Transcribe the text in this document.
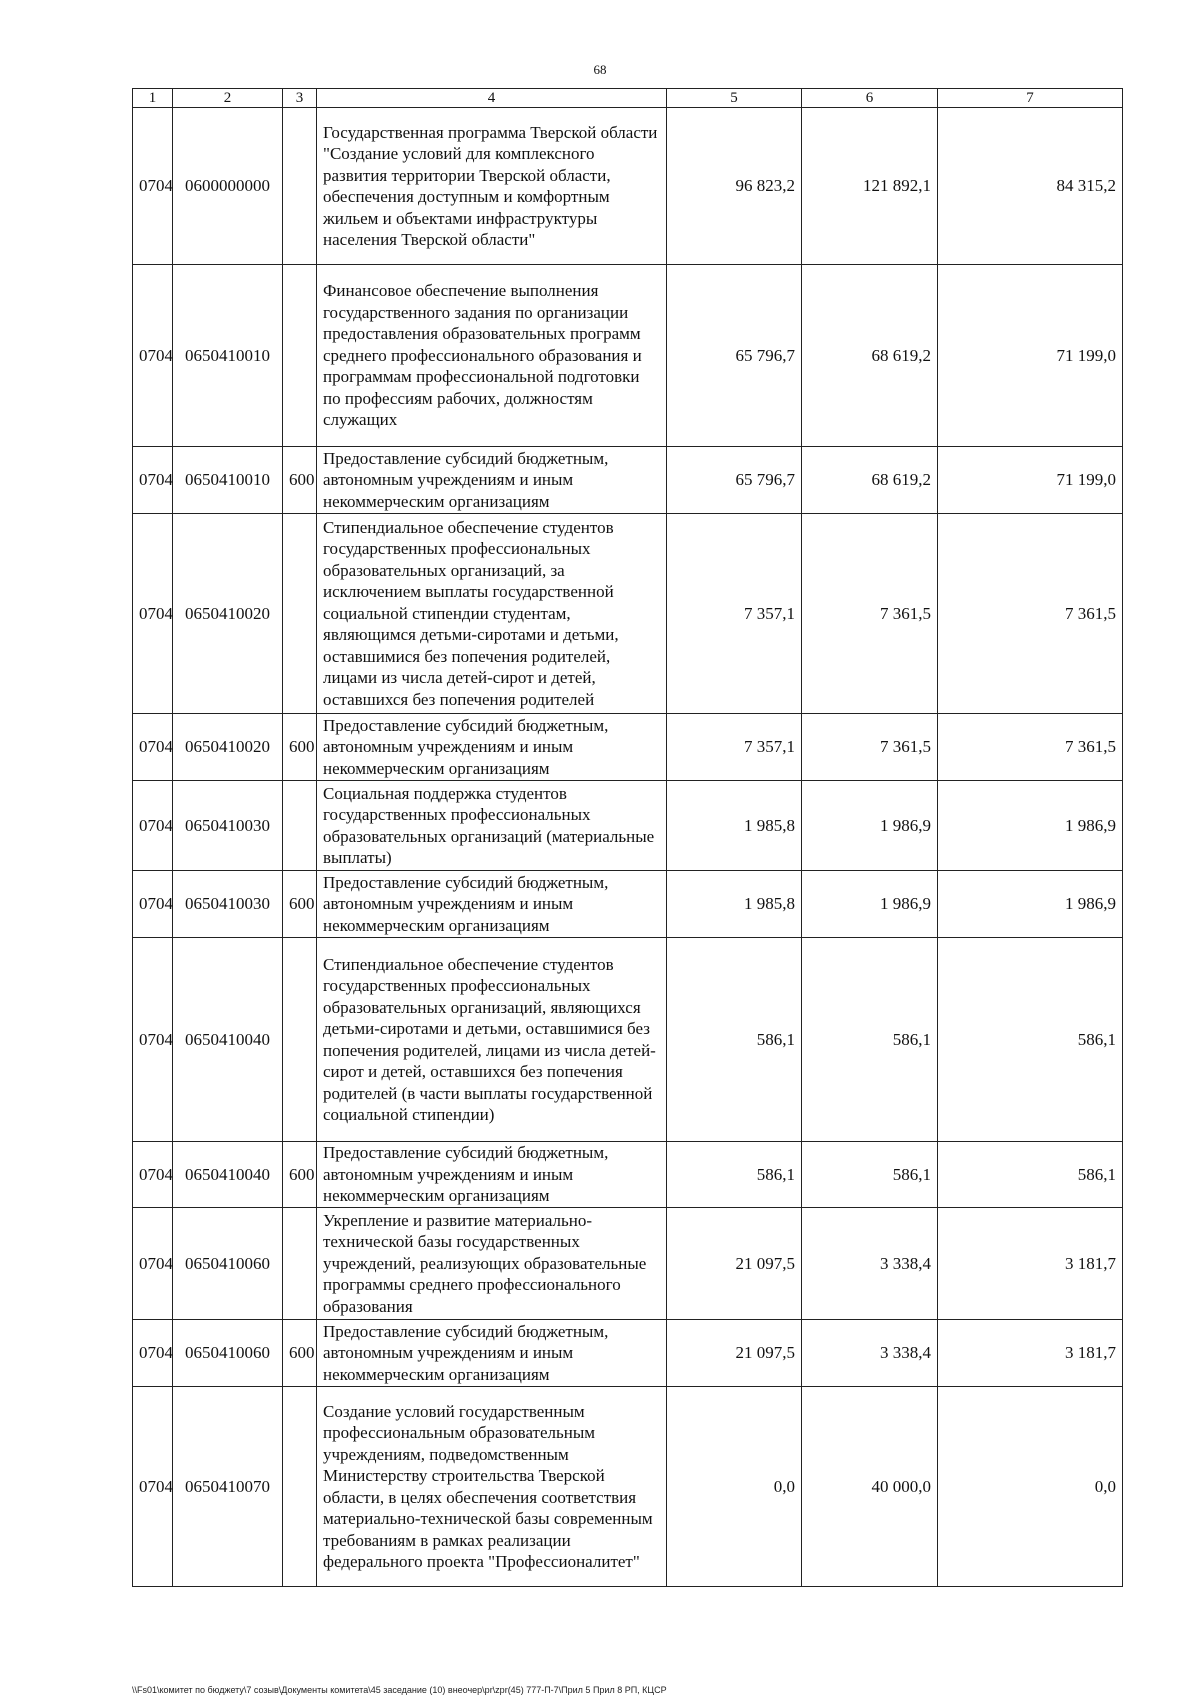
68
1	2	3	4	5	6	7
0704	0600000000		Государственная программа Тверской области "Создание условий для комплексного развития территории Тверской области, обеспечения доступным и комфортным жильем и объектами инфраструктуры населения Тверской области"	96 823,2	121 892,1	84 315,2
0704	0650410010		Финансовое обеспечение выполнения государственного задания по организации предоставления образовательных программ среднего профессионального образования и программам профессиональной подготовки по профессиям рабочих, должностям служащих	65 796,7	68 619,2	71 199,0
0704	0650410010	600	Предоставление субсидий бюджетным, автономным учреждениям и иным некоммерческим организациям	65 796,7	68 619,2	71 199,0
0704	0650410020		Стипендиальное обеспечение студентов государственных профессиональных образовательных организаций, за исключением выплаты государственной социальной стипендии студентам, являющимся детьми-сиротами и детьми, оставшимися без попечения родителей, лицами из числа детей-сирот и детей, оставшихся без попечения родителей	7 357,1	7 361,5	7 361,5
0704	0650410020	600	Предоставление субсидий бюджетным, автономным учреждениям и иным некоммерческим организациям	7 357,1	7 361,5	7 361,5
0704	0650410030		Социальная поддержка студентов государственных профессиональных образовательных организаций (материальные выплаты)	1 985,8	1 986,9	1 986,9
0704	0650410030	600	Предоставление субсидий бюджетным, автономным учреждениям и иным некоммерческим организациям	1 985,8	1 986,9	1 986,9
0704	0650410040		Стипендиальное обеспечение студентов государственных профессиональных образовательных организаций, являющихся детьми-сиротами и детьми, оставшимися без попечения родителей, лицами из числа детей-сирот и детей, оставшихся без попечения родителей (в части выплаты государственной социальной стипендии)	586,1	586,1	586,1
0704	0650410040	600	Предоставление субсидий бюджетным, автономным учреждениям и иным некоммерческим организациям	586,1	586,1	586,1
0704	0650410060		Укрепление и развитие материально-технической базы государственных учреждений, реализующих образовательные программы среднего профессионального образования	21 097,5	3 338,4	3 181,7
0704	0650410060	600	Предоставление субсидий бюджетным, автономным учреждениям и иным некоммерческим организациям	21 097,5	3 338,4	3 181,7
0704	0650410070		Создание условий государственным профессиональным образовательным учреждениям, подведомственным Министерству строительства Тверской области, в целях обеспечения соответствия материально-технической базы современным требованиям в рамках реализации федерального проекта "Профессионалитет"	0,0	40 000,0	0,0
\\Fs01\комитет по бюджету\7 созыв\Документы комитета\45 заседание (10) внеочер\pr\zpr(45) 777-П-7\Прил 5 Прил 8 РП, КЦСР
